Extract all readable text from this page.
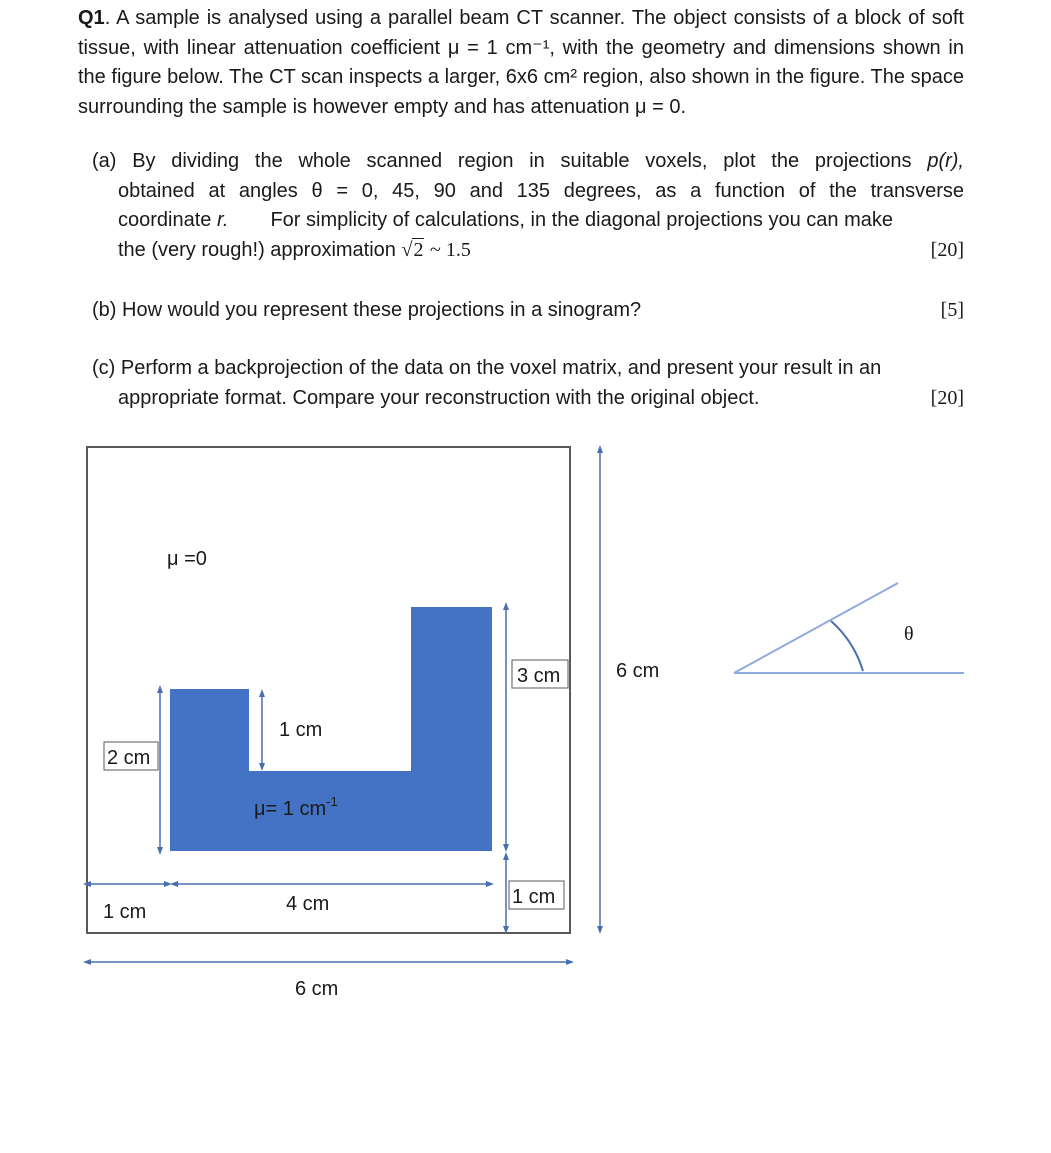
Q1. A sample is analysed using a parallel beam CT scanner. The object consists of a block of soft tissue, with linear attenuation coefficient μ = 1 cm⁻¹, with the geometry and dimensions shown in the figure below. The CT scan inspects a larger, 6x6 cm² region, also shown in the figure. The space surrounding the sample is however empty and has attenuation μ = 0.

(a) By dividing the whole scanned region in suitable voxels, plot the projections p(r),
obtained at angles θ = 0, 45, 90 and 135 degrees, as a function of the transverse
coordinate r. For simplicity of calculations, in the diagonal projections you can make
the (very rough!) approximation √2 ~ 1.5	[20]
(b) How would you represent these projections in a sinogram?	[5]
(c) Perform a backprojection of the data on the voxel matrix, and present your result in an
appropriate format. Compare your reconstruction with the original object.	[20]
μ =0
μ= 1 $cm^{-1}$
1 cm
3 cm
2 cm
1 cm	4 cm	1 cm
6 cm
6 cm
θ
